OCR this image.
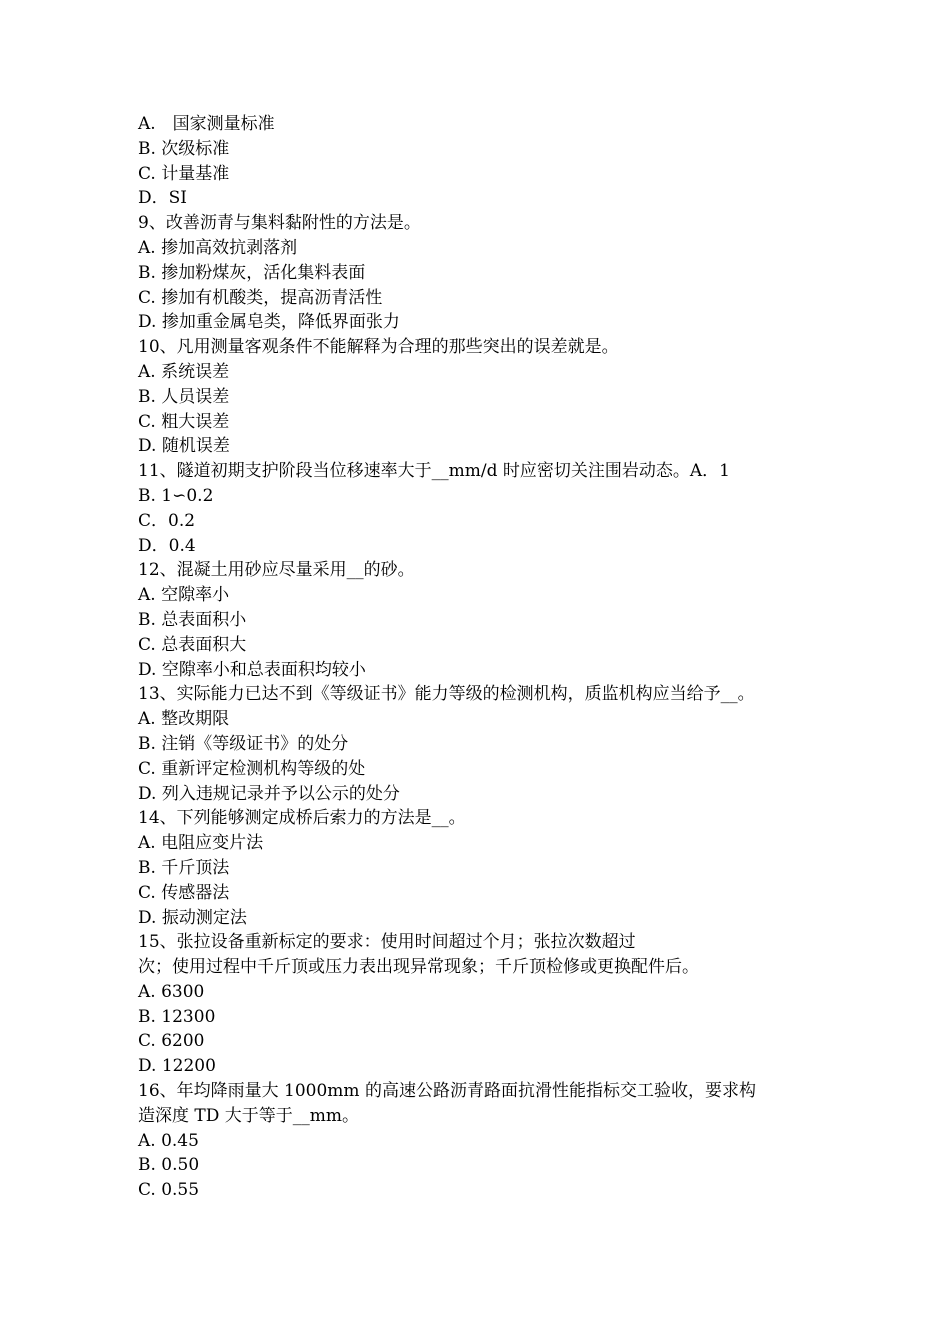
A.　国家测量标准
B. 次级标准
C. 计量基准
D．SI
9、改善沥青与集料黏附性的方法是。
A. 掺加高效抗剥落剂
B. 掺加粉煤灰，活化集料表面
C. 掺加有机酸类，提高沥青活性
D. 掺加重金属皂类，降低界面张力
10、凡用测量客观条件不能解释为合理的那些突出的误差就是。
A. 系统误差
B. 人员误差
C. 粗大误差
D. 随机误差
11、隧道初期支护阶段当位移速率大于__mm/d 时应密切关注围岩动态。A．1
B. 1∽0.2
C．0.2
D．0.4
12、混凝土用砂应尽量采用__的砂。
A. 空隙率小
B. 总表面积小
C. 总表面积大
D. 空隙率小和总表面积均较小
13、实际能力已达不到《等级证书》能力等级的检测机构，质监机构应当给予__。
A. 整改期限
B. 注销《等级证书》的处分
C. 重新评定检测机构等级的处
D. 列入违规记录并予以公示的处分
14、下列能够测定成桥后索力的方法是__。
A. 电阻应变片法
B. 千斤顶法
C. 传感器法
D. 振动测定法
15、张拉设备重新标定的要求：使用时间超过个月；张拉次数超过
次；使用过程中千斤顶或压力表出现异常现象；千斤顶检修或更换配件后。
A. 6300
B. 12300
C. 6200
D. 12200
16、年均降雨量大 1000mm 的高速公路沥青路面抗滑性能指标交工验收，要求构
造深度 TD 大于等于__mm。
A. 0.45
B. 0.50
C. 0.55
